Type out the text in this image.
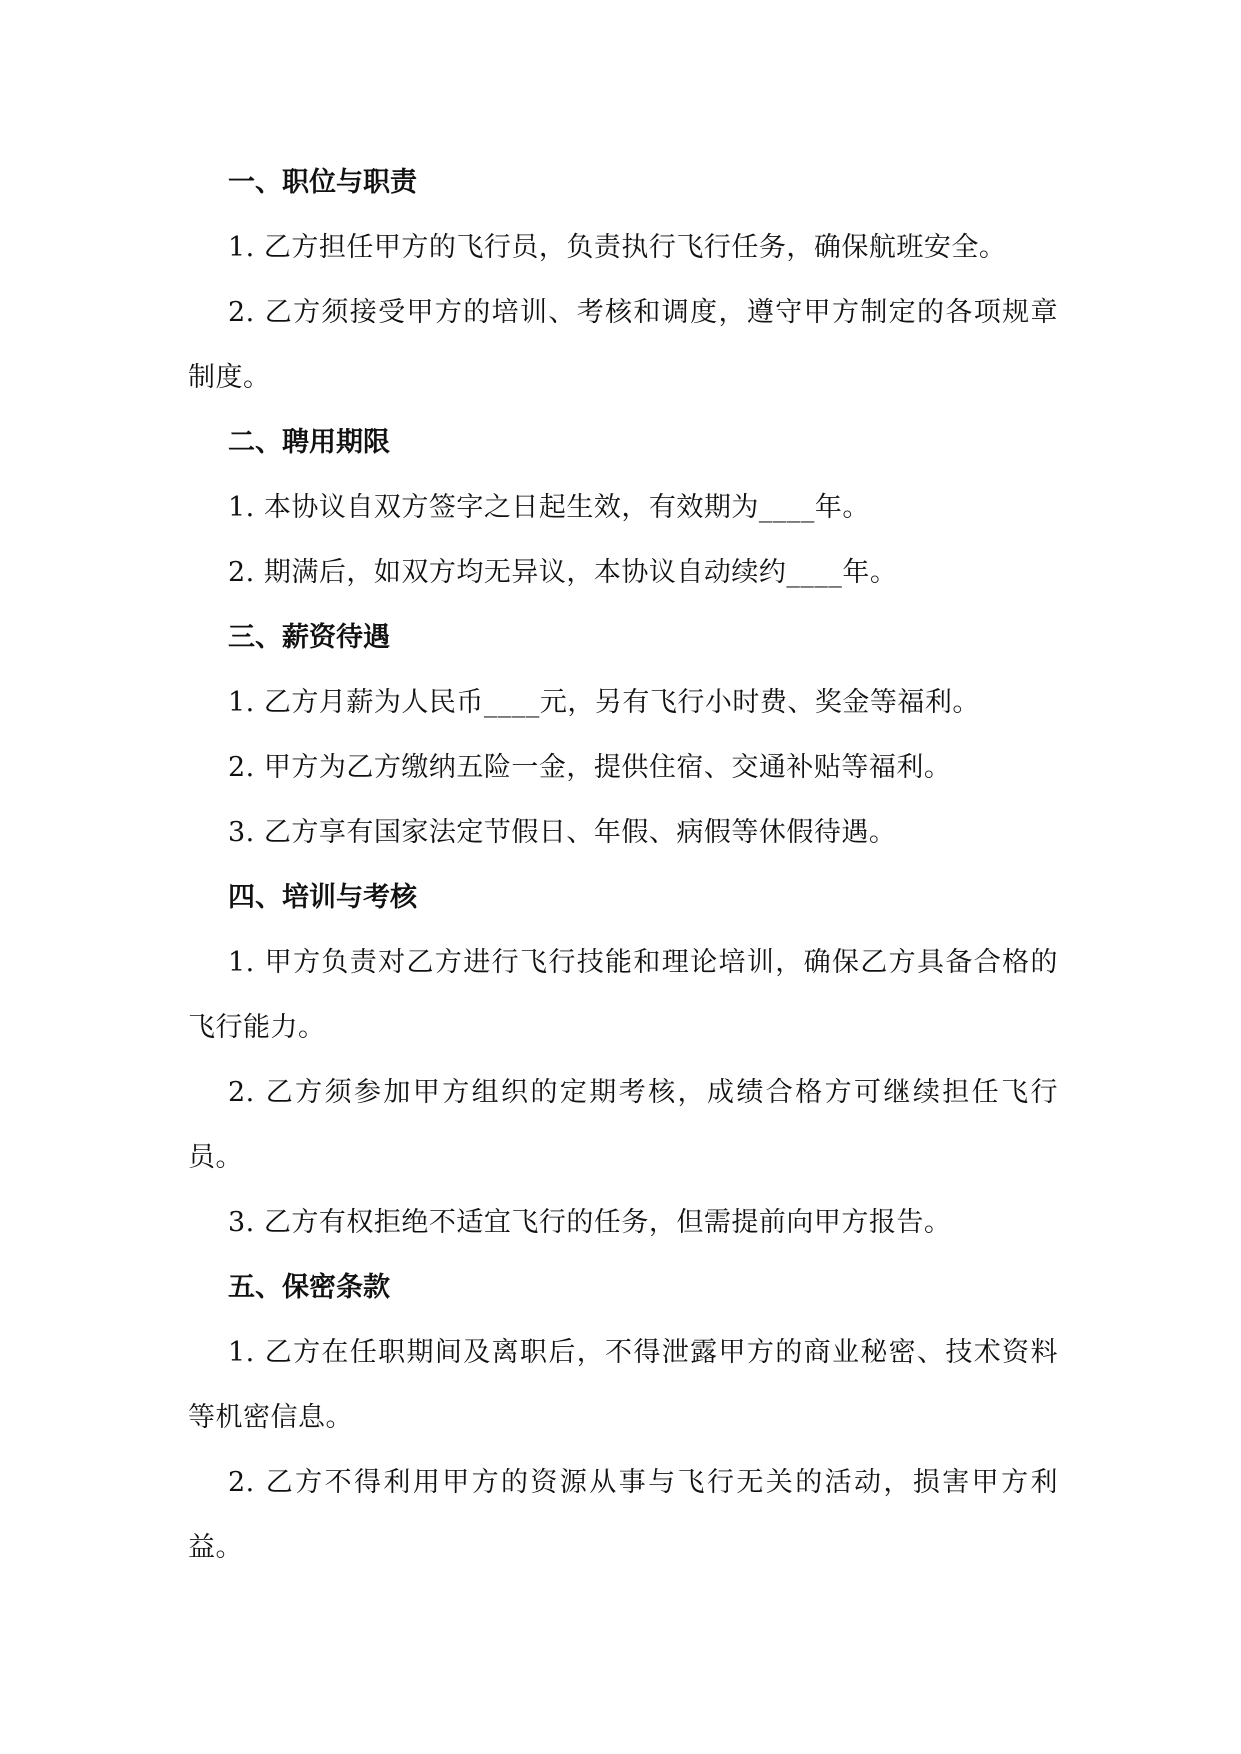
一、职位与职责

1. 乙方担任甲方的飞行员，负责执行飞行任务，确保航班安全。

2. 乙方须接受甲方的培训、考核和调度，遵守甲方制定的各项规章制度。

二、聘用期限

1. 本协议自双方签字之日起生效，有效期为____年。

2. 期满后，如双方均无异议，本协议自动续约____年。

三、薪资待遇

1. 乙方月薪为人民币____元，另有飞行小时费、奖金等福利。

2. 甲方为乙方缴纳五险一金，提供住宿、交通补贴等福利。

3. 乙方享有国家法定节假日、年假、病假等休假待遇。

四、培训与考核

1. 甲方负责对乙方进行飞行技能和理论培训，确保乙方具备合格的飞行能力。

2. 乙方须参加甲方组织的定期考核，成绩合格方可继续担任飞行员。

3. 乙方有权拒绝不适宜飞行的任务，但需提前向甲方报告。

五、保密条款

1. 乙方在任职期间及离职后，不得泄露甲方的商业秘密、技术资料等机密信息。

2. 乙方不得利用甲方的资源从事与飞行无关的活动，损害甲方利益。
